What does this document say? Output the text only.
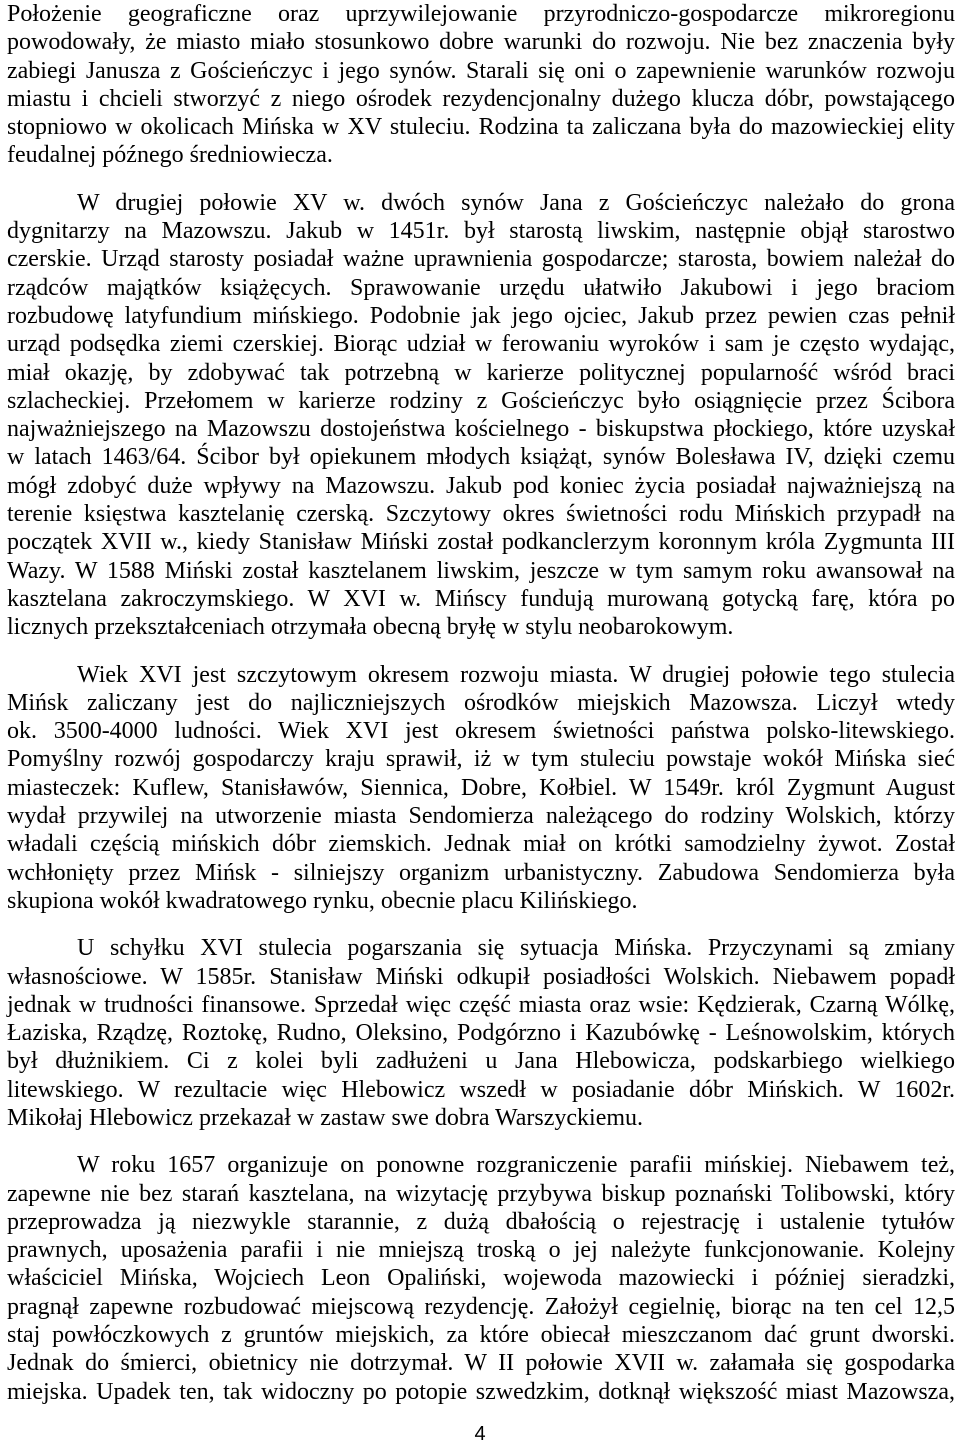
Położenie geograficzne oraz uprzywilejowanie przyrodniczo-gospodarcze mikroregionu
powodowały, że miasto miało stosunkowo dobre warunki do rozwoju. Nie bez znaczenia były
zabiegi Janusza z Gościeńczyc i jego synów. Starali się oni o zapewnienie warunków rozwoju
miastu i chcieli stworzyć z niego ośrodek rezydencjonalny dużego klucza dóbr, powstającego
stopniowo w okolicach Mińska w XV stuleciu. Rodzina ta zaliczana była do mazowieckiej elity
feudalnej późnego średniowiecza.
W drugiej połowie XV w. dwóch synów Jana z Gościeńczyc należało do grona
dygnitarzy na Mazowszu. Jakub w 1451r. był starostą liwskim, następnie objął starostwo
czerskie. Urząd starosty posiadał ważne uprawnienia gospodarcze; starosta, bowiem należał do
rządców majątków książęcych. Sprawowanie urzędu ułatwiło Jakubowi i jego braciom
rozbudowę latyfundium mińskiego. Podobnie jak jego ojciec, Jakub przez pewien czas pełnił
urząd podsędka ziemi czerskiej. Biorąc udział w ferowaniu wyroków i sam je często wydając,
miał okazję, by zdobywać tak potrzebną w karierze politycznej popularność wśród braci
szlacheckiej. Przełomem w karierze rodziny z Gościeńczyc było osiągnięcie przez Ścibora
najważniejszego na Mazowszu dostojeństwa kościelnego - biskupstwa płockiego, które uzyskał
w latach 1463/64. Ścibor był opiekunem młodych książąt, synów Bolesława IV, dzięki czemu
mógł zdobyć duże wpływy na Mazowszu. Jakub pod koniec życia posiadał najważniejszą na
terenie księstwa kasztelanię czerską. Szczytowy okres świetności rodu Mińskich przypadł na
początek XVII w., kiedy Stanisław Miński został podkanclerzym koronnym króla Zygmunta III
Wazy. W 1588 Miński został kasztelanem liwskim, jeszcze w tym samym roku awansował na
kasztelana zakroczymskiego. W XVI w. Mińscy fundują murowaną gotycką farę, która po
licznych przekształceniach otrzymała obecną bryłę w stylu neobarokowym.
Wiek XVI jest szczytowym okresem rozwoju miasta. W drugiej połowie tego stulecia
Mińsk zaliczany jest do najliczniejszych ośrodków miejskich Mazowsza. Liczył wtedy
ok. 3500-4000 ludności. Wiek XVI jest okresem świetności państwa polsko-litewskiego.
Pomyślny rozwój gospodarczy kraju sprawił, iż w tym stuleciu powstaje wokół Mińska sieć
miasteczek: Kuflew, Stanisławów, Siennica, Dobre, Kołbiel. W 1549r. król Zygmunt August
wydał przywilej na utworzenie miasta Sendomierza należącego do rodziny Wolskich, którzy
władali częścią mińskich dóbr ziemskich. Jednak miał on krótki samodzielny żywot. Został
wchłonięty przez Mińsk - silniejszy organizm urbanistyczny. Zabudowa Sendomierza była
skupiona wokół kwadratowego rynku, obecnie placu Kilińskiego.
U schyłku XVI stulecia pogarszania się sytuacja Mińska. Przyczynami są zmiany
własnościowe. W 1585r. Stanisław Miński odkupił posiadłości Wolskich. Niebawem popadł
jednak w trudności finansowe. Sprzedał więc część miasta oraz wsie: Kędzierak, Czarną Wólkę,
Łaziska, Rządzę, Roztokę, Rudno, Oleksino, Podgórzno i Kazubówkę - Leśnowolskim, których
był dłużnikiem. Ci z kolei byli zadłużeni u Jana Hlebowicza, podskarbiego wielkiego
litewskiego. W rezultacie więc Hlebowicz wszedł w posiadanie dóbr Mińskich. W 1602r.
Mikołaj Hlebowicz przekazał w zastaw swe dobra Warszyckiemu.
W roku 1657 organizuje on ponowne rozgraniczenie parafii mińskiej. Niebawem też,
zapewne nie bez starań kasztelana, na wizytację przybywa biskup poznański Tolibowski, który
przeprowadza ją niezwykle starannie, z dużą dbałością o rejestrację i ustalenie tytułów
prawnych, uposażenia parafii i nie mniejszą troską o jej należyte funkcjonowanie. Kolejny
właściciel Mińska, Wojciech Leon Opaliński, wojewoda mazowiecki i później sieradzki,
pragnął zapewne rozbudować miejscową rezydencję. Założył cegielnię, biorąc na ten cel 12,5
staj powłóczkowych z gruntów miejskich, za które obiecał mieszczanom dać grunt dworski.
Jednak do śmierci, obietnicy nie dotrzymał. W II połowie XVII w. załamała się gospodarka
miejska. Upadek ten, tak widoczny po potopie szwedzkim, dotknął większość miast Mazowsza,
4
